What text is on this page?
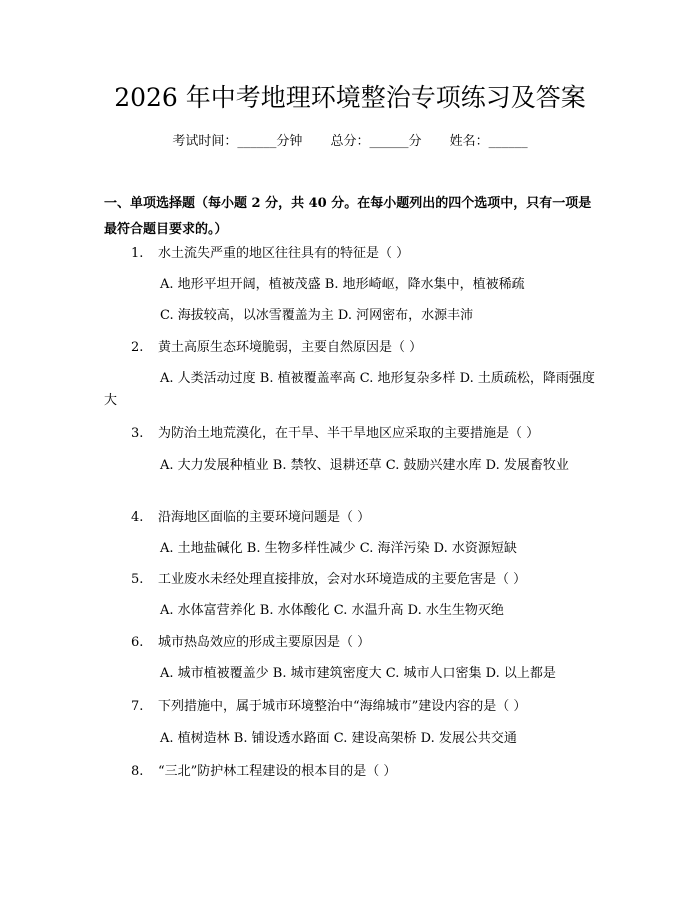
2026 年中考地理环境整治专项练习及答案
考试时间：______分钟 总分：______分 姓名：______
一、单项选择题（每小题 2 分，共 40 分。在每小题列出的四个选项中，只有一项是最符合题目要求的。）
1. 水土流失严重的地区往往具有的特征是（ ）
A. 地形平坦开阔，植被茂盛 B. 地形崎岖，降水集中，植被稀疏
C. 海拔较高，以冰雪覆盖为主 D. 河网密布，水源丰沛
2. 黄土高原生态环境脆弱，主要自然原因是（ ）
A. 人类活动过度 B. 植被覆盖率高 C. 地形复杂多样 D. 土质疏松，降雨强度大
3. 为防治土地荒漠化，在干旱、半干旱地区应采取的主要措施是（ ）
A. 大力发展种植业 B. 禁牧、退耕还草 C. 鼓励兴建水库 D. 发展畜牧业
4. 沿海地区面临的主要环境问题是（ ）
A. 土地盐碱化 B. 生物多样性减少 C. 海洋污染 D. 水资源短缺
5. 工业废水未经处理直接排放，会对水环境造成的主要危害是（ ）
A. 水体富营养化 B. 水体酸化 C. 水温升高 D. 水生生物灭绝
6. 城市热岛效应的形成主要原因是（ ）
A. 城市植被覆盖少 B. 城市建筑密度大 C. 城市人口密集 D. 以上都是
7. 下列措施中，属于城市环境整治中“海绵城市”建设内容的是（ ）
A. 植树造林 B. 铺设透水路面 C. 建设高架桥 D. 发展公共交通
8. “三北”防护林工程建设的根本目的是（ ）
